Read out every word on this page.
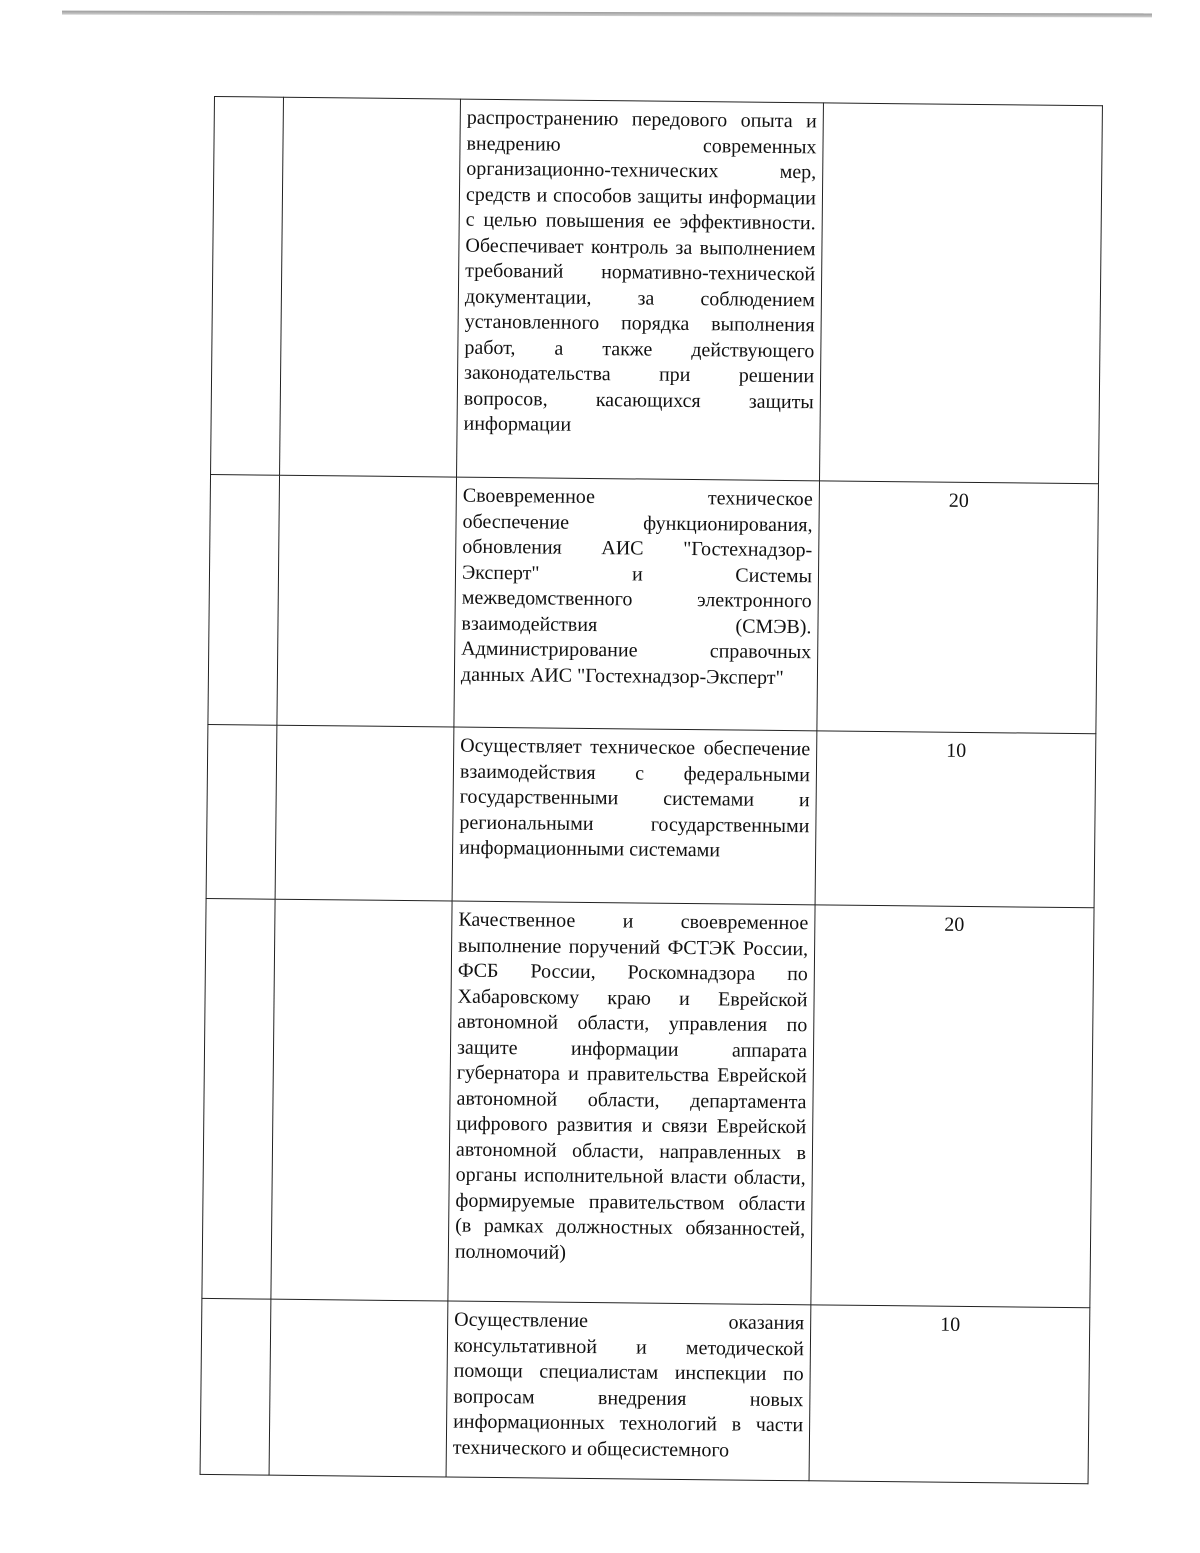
		распространению передового опыта и внедрению современных организационно-технических мер, средств и способов защиты информации с целью повышения ее эффективности. Обеспечивает контроль за выполнением требований нормативно-технической документации, за соблюдением установленного порядка выполнения работ, а также действующего законодательства при решении вопросов, касающихся защиты информации	

		Своевременное техническое обеспечение функционирования, обновления АИС "Гостехнадзор-Эксперт" и Системы межведомственного электронного взаимодействия (СМЭВ). Администрирование справочных данных АИС "Гостехнадзор-Эксперт"	20

		Осуществляет техническое обеспечение взаимодействия с федеральными государственными системами и региональными государственными информационными системами	10

		Качественное и своевременное выполнение поручений ФСТЭК России, ФСБ России, Роскомнадзора по Хабаровскому краю и Еврейской автономной области, управления по защите информации аппарата губернатора и правительства Еврейской автономной области, департамента цифрового развития и связи Еврейской автономной области, направленных в органы исполнительной власти области, формируемые правительством области (в рамках должностных обязанностей, полномочий)	20

		Осуществление оказания консультативной и методической помощи специалистам инспекции по вопросам внедрения новых информационных технологий в части технического и общесистемного	10
